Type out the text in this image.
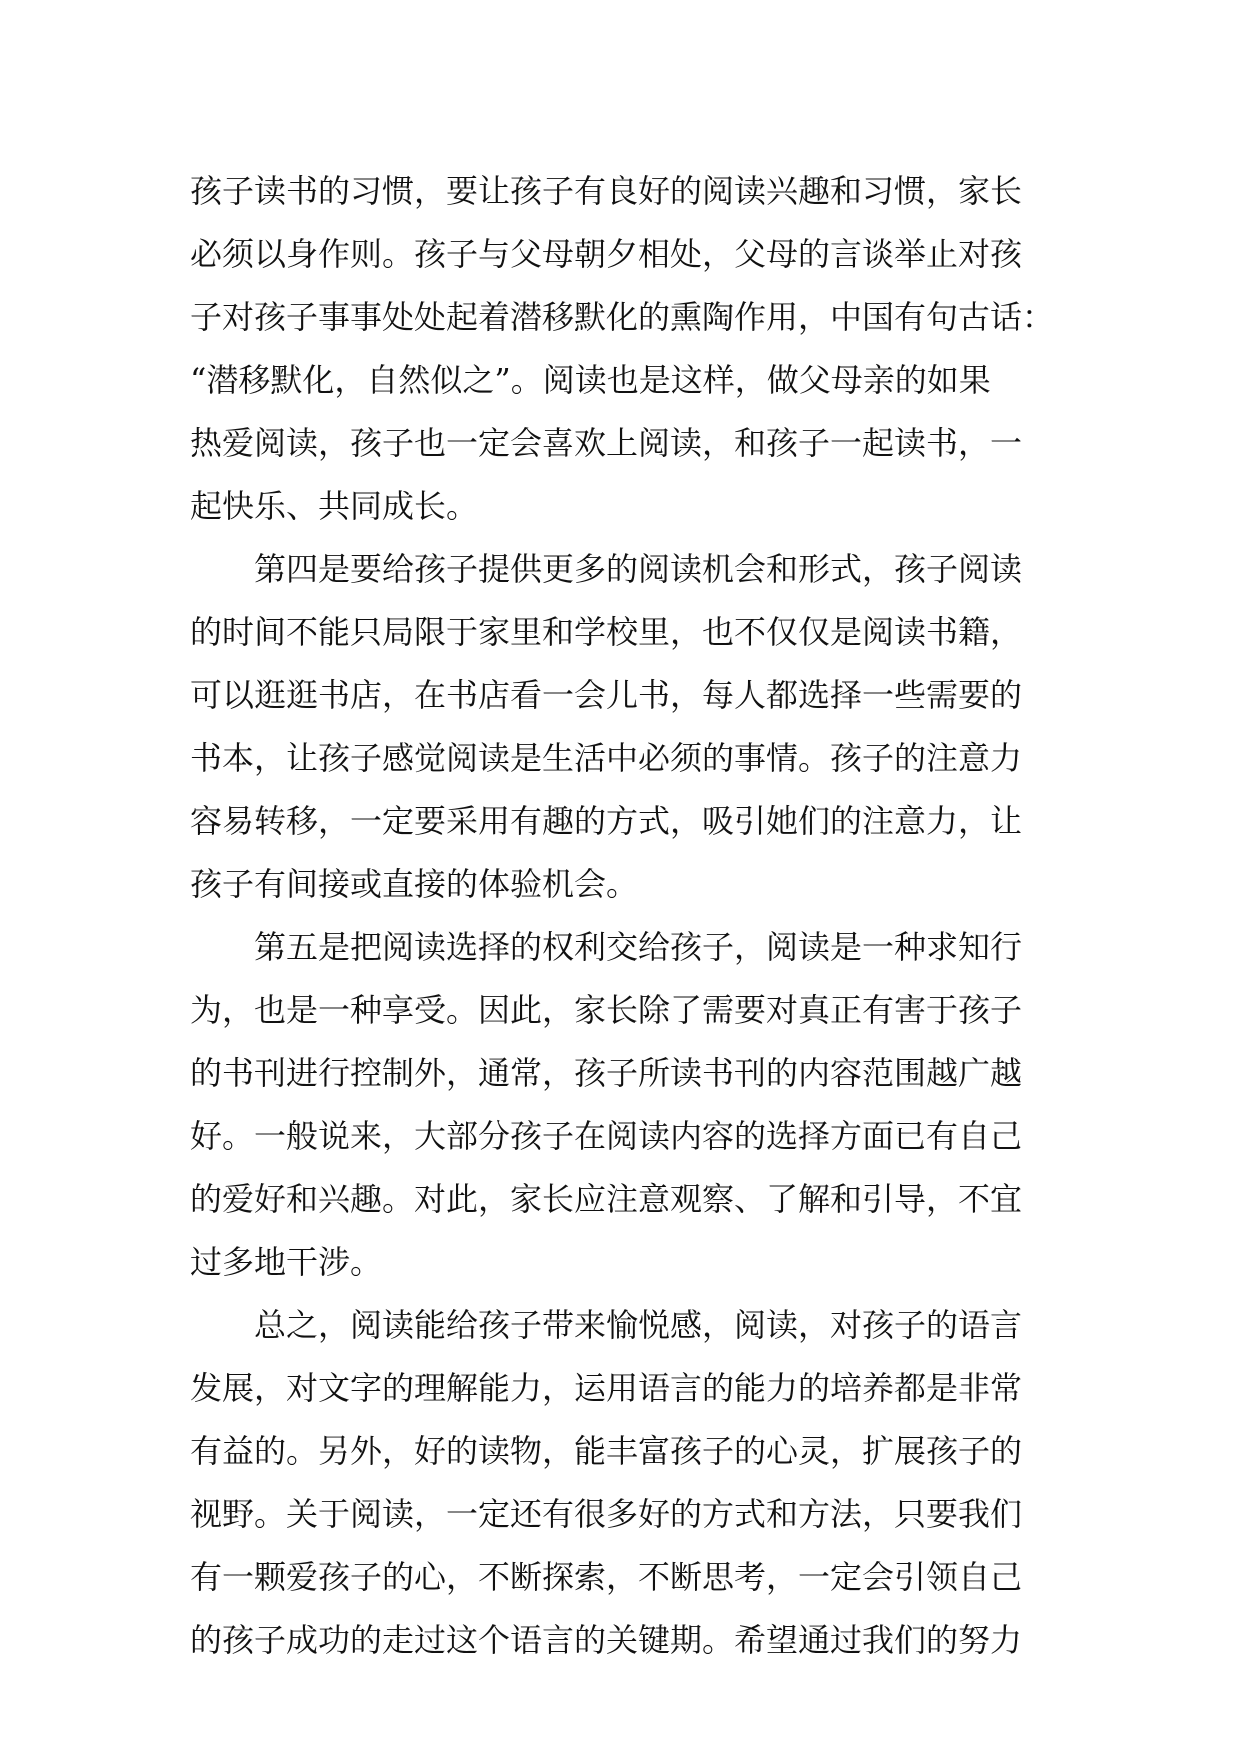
孩子读书的习惯，要让孩子有良好的阅读兴趣和习惯，家长
必须以身作则。孩子与父母朝夕相处，父母的言谈举止对孩
子对孩子事事处处起着潜移默化的熏陶作用，中国有句古话：
“潜移默化，自然似之”。阅读也是这样，做父母亲的如果
热爱阅读，孩子也一定会喜欢上阅读，和孩子一起读书，一
起快乐、共同成长。
第四是要给孩子提供更多的阅读机会和形式，孩子阅读
的时间不能只局限于家里和学校里，也不仅仅是阅读书籍，
可以逛逛书店，在书店看一会儿书，每人都选择一些需要的
书本，让孩子感觉阅读是生活中必须的事情。孩子的注意力
容易转移，一定要采用有趣的方式，吸引她们的注意力，让
孩子有间接或直接的体验机会。
第五是把阅读选择的权利交给孩子，阅读是一种求知行
为，也是一种享受。因此，家长除了需要对真正有害于孩子
的书刊进行控制外，通常，孩子所读书刊的内容范围越广越
好。一般说来，大部分孩子在阅读内容的选择方面已有自己
的爱好和兴趣。对此，家长应注意观察、了解和引导，不宜
过多地干涉。
总之，阅读能给孩子带来愉悦感，阅读，对孩子的语言
发展，对文字的理解能力，运用语言的能力的培养都是非常
有益的。另外，好的读物，能丰富孩子的心灵，扩展孩子的
视野。关于阅读，一定还有很多好的方式和方法，只要我们
有一颗爱孩子的心，不断探索，不断思考，一定会引领自己
的孩子成功的走过这个语言的关键期。希望通过我们的努力
